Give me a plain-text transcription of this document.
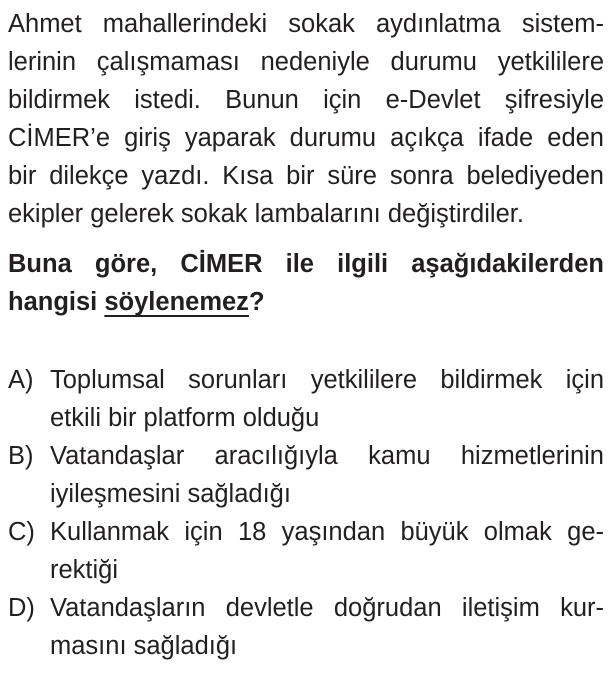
Ahmet mahallerindeki sokak aydınlatma sistem-
lerinin çalışmaması nedeniyle durumu yetkililere
bildirmek istedi. Bunun için e-Devlet şifresiyle
CİMER’e giriş yaparak durumu açıkça ifade eden
bir dilekçe yazdı. Kısa bir süre sonra belediyeden
ekipler gelerek sokak lambalarını değiştirdiler.
Buna göre, CİMER ile ilgili aşağıdakilerden
hangisi söylenemez?
A) Toplumsal sorunları yetkililere bildirmek için
etkili bir platform olduğu
B) Vatandaşlar aracılığıyla kamu hizmetlerinin
iyileşmesini sağladığı
C) Kullanmak için 18 yaşından büyük olmak ge-
rektiği
D) Vatandaşların devletle doğrudan iletişim kur-
masını sağladığı
